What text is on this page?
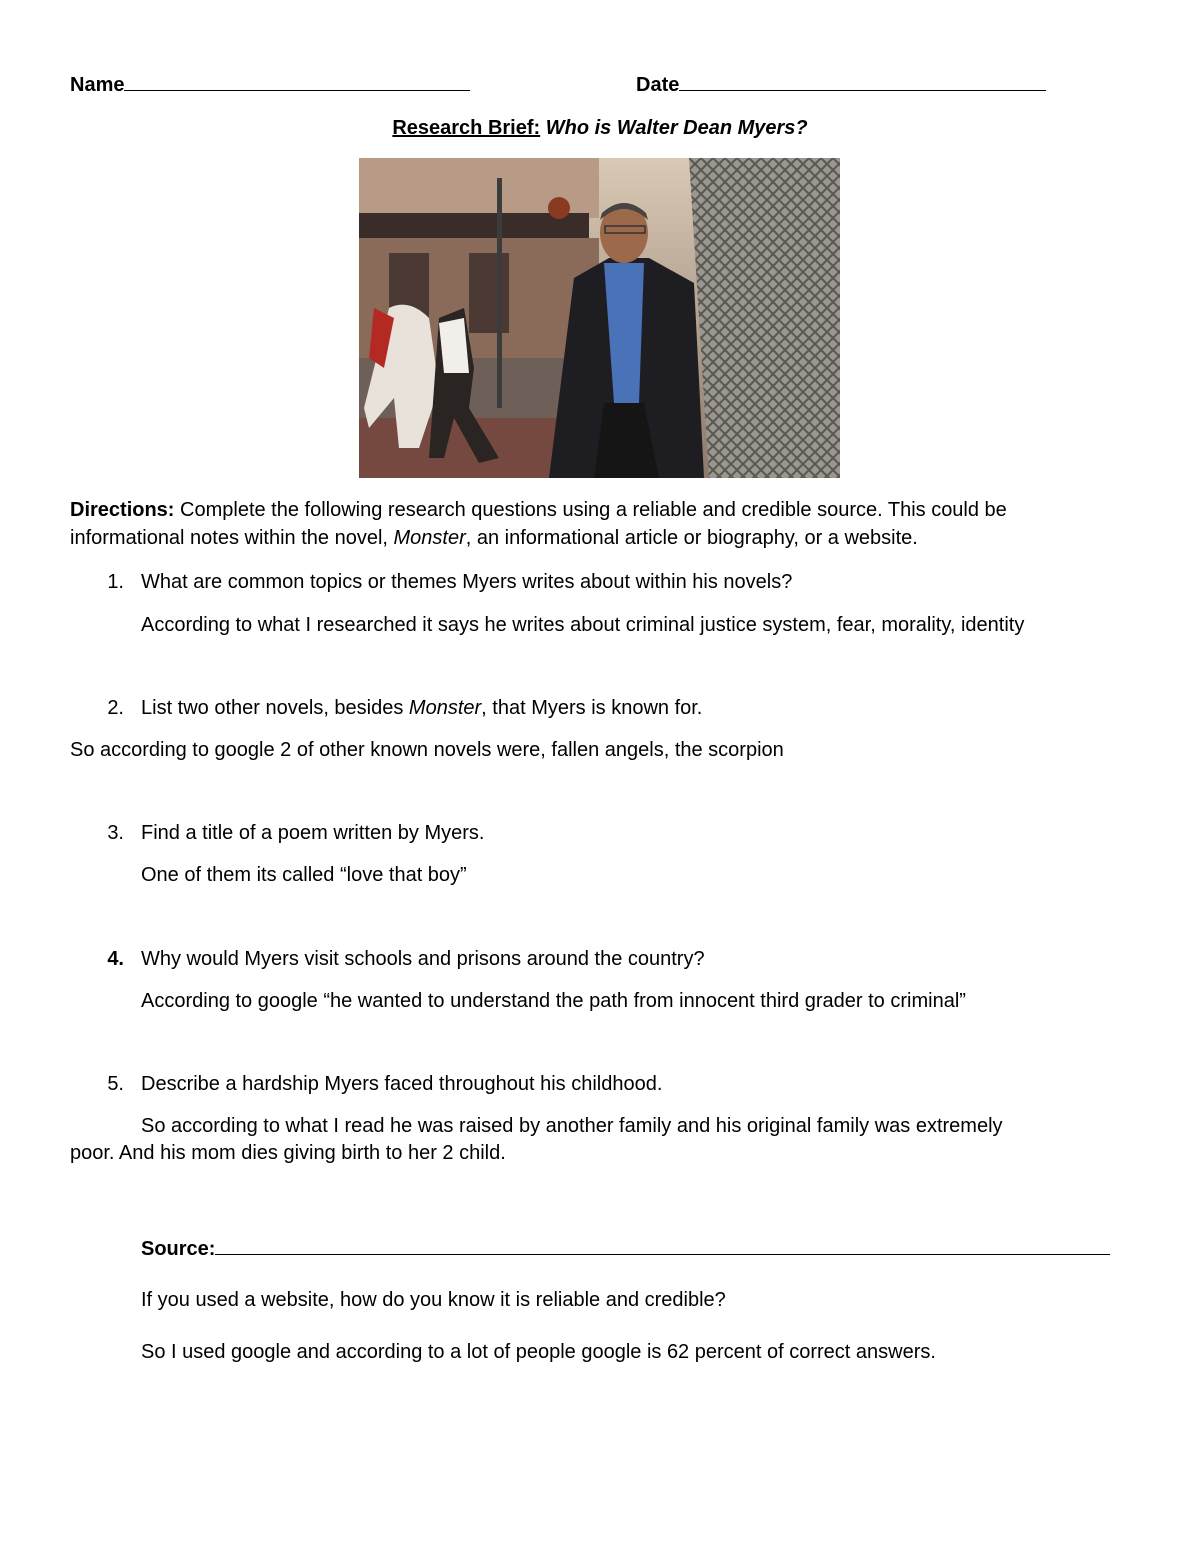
Name	Date
Research Brief: Who is Walter Dean Myers?
Directions: Complete the following research questions using a reliable and credible source. This could be
informational notes within the novel, Monster, an informational article or biography, or a website.
1. What are common topics or themes Myers writes about within his novels?
According to what I researched it says he writes about criminal justice system, fear, morality, identity
2. List two other novels, besides Monster, that Myers is known for.
So according to google 2 of other known novels were, fallen angels, the scorpion
3. Find a title of a poem written by Myers.
One of them its called “love that boy”
4. Why would Myers visit schools and prisons around the country?
According to google “he wanted to understand the path from innocent third grader to criminal”
5. Describe a hardship Myers faced throughout his childhood.
So according to what I read he was raised by another family and his original family was extremely
poor. And his mom dies giving birth to her 2 child.
Source:
If you used a website, how do you know it is reliable and credible?
So I used google and according to a lot of people google is 62 percent of correct answers.
